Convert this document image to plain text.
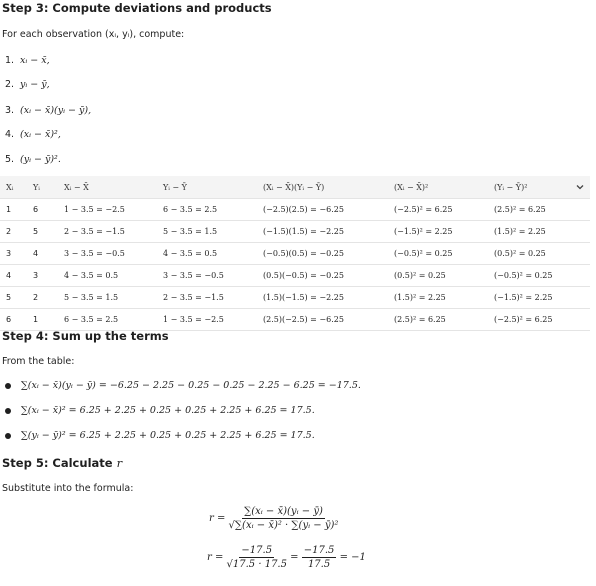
Step 3: Compute deviations and products
For each observation (xᵢ, yᵢ), compute:
1. xᵢ − x̄,
2. yᵢ − ȳ,
3. (xᵢ − x̄)(yᵢ − ȳ),
4. (xᵢ − x̄)²,
5. (yᵢ − ȳ)².
Xᵢ	Yᵢ	Xᵢ − X̄	Yᵢ − Ȳ	(Xᵢ − X̄)(Yᵢ − Ȳ)	(Xᵢ − X̄)²	(Yᵢ − Ȳ)²
1	6	1 − 3.5 = −2.5	6 − 3.5 = 2.5	(−2.5)(2.5) = −6.25	(−2.5)² = 6.25	(2.5)² = 6.25
2	5	2 − 3.5 = −1.5	5 − 3.5 = 1.5	(−1.5)(1.5) = −2.25	(−1.5)² = 2.25	(1.5)² = 2.25
3	4	3 − 3.5 = −0.5	4 − 3.5 = 0.5	(−0.5)(0.5) = −0.25	(−0.5)² = 0.25	(0.5)² = 0.25
4	3	4 − 3.5 = 0.5	3 − 3.5 = −0.5	(0.5)(−0.5) = −0.25	(0.5)² = 0.25	(−0.5)² = 0.25
5	2	5 − 3.5 = 1.5	2 − 3.5 = −1.5	(1.5)(−1.5) = −2.25	(1.5)² = 2.25	(−1.5)² = 2.25
6	1	6 − 3.5 = 2.5	1 − 3.5 = −2.5	(2.5)(−2.5) = −6.25	(2.5)² = 6.25	(−2.5)² = 6.25
Step 4: Sum up the terms
From the table:
∑(xᵢ − x̄)(yᵢ − ȳ) = −6.25 − 2.25 − 0.25 − 0.25 − 2.25 − 6.25 = −17.5.
∑(xᵢ − x̄)² = 6.25 + 2.25 + 0.25 + 0.25 + 2.25 + 6.25 = 17.5.
∑(yᵢ − ȳ)² = 6.25 + 2.25 + 0.25 + 0.25 + 2.25 + 6.25 = 17.5.
Step 5: Calculate r
Substitute into the formula:
$r = \frac{\text{∑(xᵢ − x̄)(yᵢ − ȳ)}}{\text{√∑(xᵢ − x̄)² · ∑(yᵢ − ȳ)²}}$
$r = \frac{-17.5}{√17.5 \cdot 17.5} = \frac{-17.5}{17.5} = -1$
